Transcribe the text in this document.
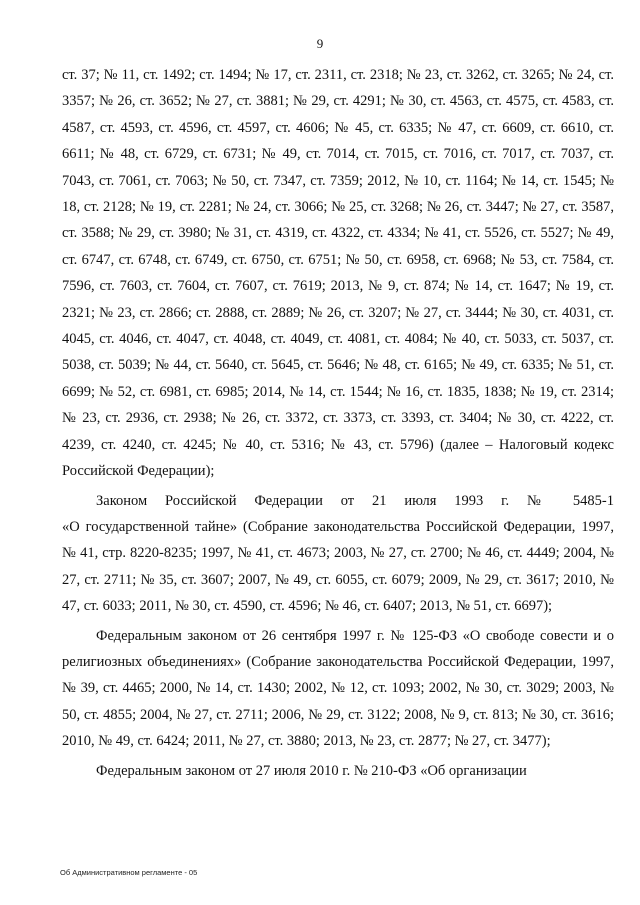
9

ст. 37; № 11, ст. 1492; ст. 1494; № 17, ст. 2311, ст. 2318; № 23, ст. 3262, ст. 3265; № 24, ст. 3357; № 26, ст. 3652; № 27, ст. 3881; № 29, ст. 4291; № 30, ст. 4563, ст. 4575, ст. 4583, ст. 4587, ст. 4593, ст. 4596, ст. 4597, ст. 4606; № 45, ст. 6335; № 47, ст. 6609, ст. 6610, ст. 6611; № 48, ст. 6729, ст. 6731; № 49, ст. 7014, ст. 7015, ст. 7016, ст. 7017, ст. 7037, ст. 7043, ст. 7061, ст. 7063; № 50, ст. 7347, ст. 7359; 2012, № 10, ст. 1164; № 14, ст. 1545; № 18, ст. 2128; № 19, ст. 2281; № 24, ст. 3066; № 25, ст. 3268; № 26, ст. 3447; № 27, ст. 3587, ст. 3588; № 29, ст. 3980; № 31, ст. 4319, ст. 4322, ст. 4334; № 41, ст. 5526, ст. 5527; № 49, ст. 6747, ст. 6748, ст. 6749, ст. 6750, ст. 6751; № 50, ст. 6958, ст. 6968; № 53, ст. 7584, ст. 7596, ст. 7603, ст. 7604, ст. 7607, ст. 7619; 2013, № 9, ст. 874; № 14, ст. 1647; № 19, ст. 2321; № 23, ст. 2866; ст. 2888, ст. 2889; № 26, ст. 3207; № 27, ст. 3444; № 30, ст. 4031, ст. 4045, ст. 4046, ст. 4047, ст. 4048, ст. 4049, ст. 4081, ст. 4084; № 40, ст. 5033, ст. 5037, ст. 5038, ст. 5039; № 44, ст. 5640, ст. 5645, ст. 5646; № 48, ст. 6165; № 49, ст. 6335; № 51, ст. 6699; № 52, ст. 6981, ст. 6985; 2014, № 14, ст. 1544; № 16, ст. 1835, 1838; № 19, ст. 2314; № 23, ст. 2936, ст. 2938; № 26, ст. 3372, ст. 3373, ст. 3393, ст. 3404; № 30, ст. 4222, ст. 4239, ст. 4240, ст. 4245; № 40, ст. 5316; № 43, ст. 5796) (далее – Налоговый кодекс Российской Федерации);

Законом Российской Федерации от 21 июля 1993 г. № 5485-1
«О государственной тайне» (Собрание законодательства Российской Федерации, 1997, № 41, стр. 8220-8235; 1997, № 41, ст. 4673; 2003, № 27, ст. 2700; № 46, ст. 4449; 2004, № 27, ст. 2711; № 35, ст. 3607; 2007, № 49, ст. 6055, ст. 6079; 2009, № 29, ст. 3617; 2010, № 47, ст. 6033; 2011, № 30, ст. 4590, ст. 4596; № 46, ст. 6407; 2013, № 51, ст. 6697);

Федеральным законом от 26 сентября 1997 г. № 125-ФЗ «О свободе совести и о религиозных объединениях» (Собрание законодательства Российской Федерации, 1997, № 39, ст. 4465; 2000, № 14, ст. 1430; 2002, № 12, ст. 1093; 2002, № 30, ст. 3029; 2003, № 50, ст. 4855; 2004, № 27, ст. 2711; 2006, № 29, ст. 3122; 2008, № 9, ст. 813; № 30, ст. 3616; 2010, № 49, ст. 6424; 2011, № 27, ст. 3880; 2013, № 23, ст. 2877; № 27, ст. 3477);

Федеральным законом от 27 июля 2010 г. № 210-ФЗ «Об организации

Об Административном регламенте - 05
